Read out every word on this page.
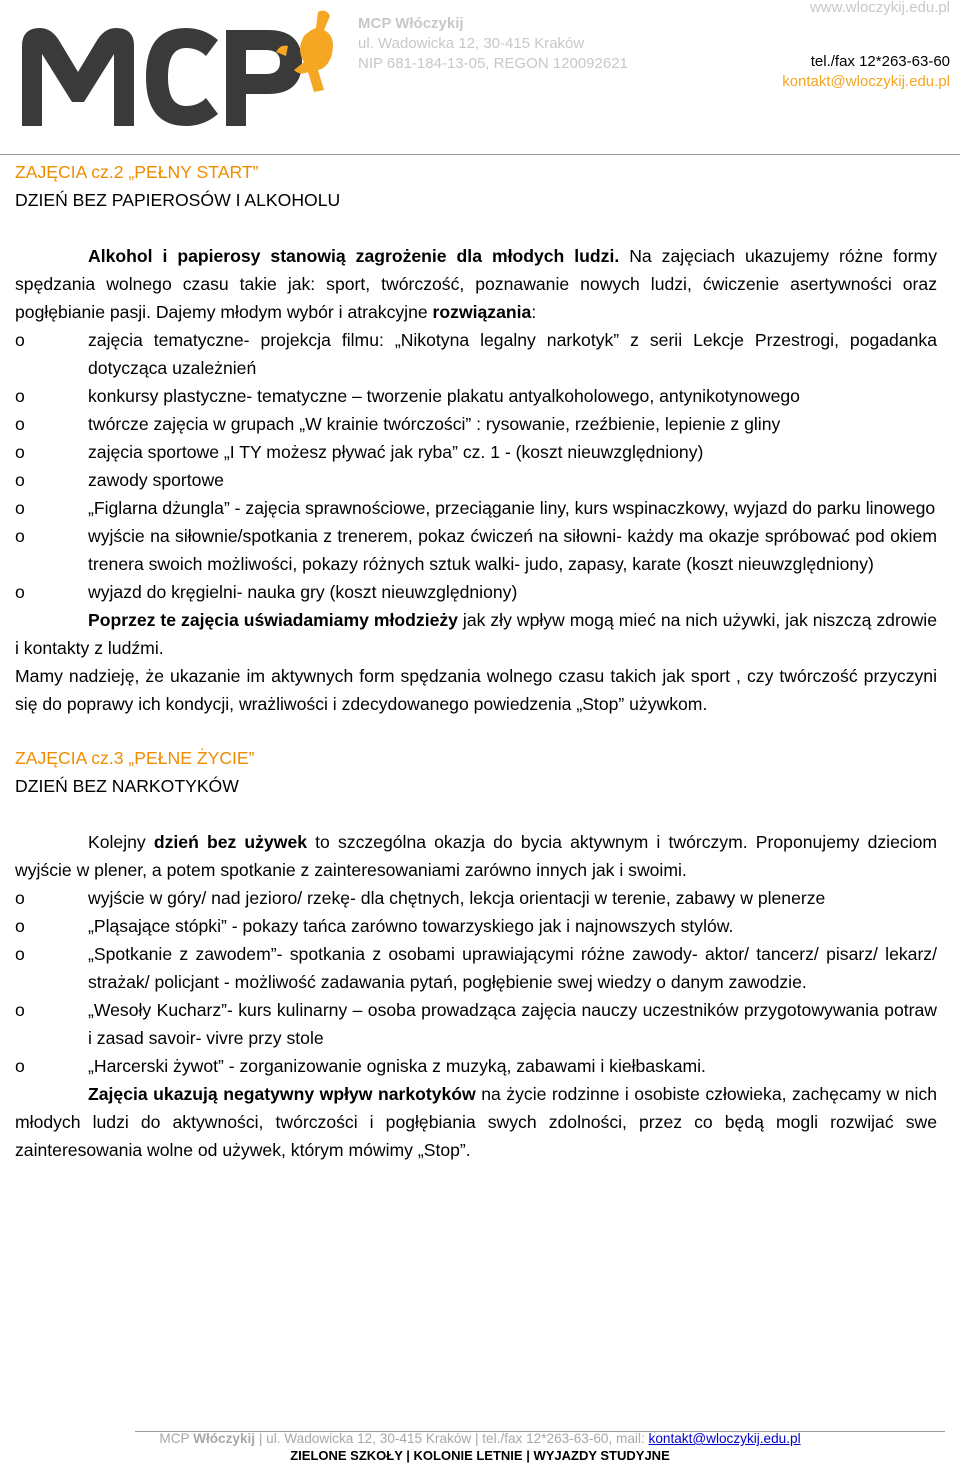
MCP Włóczykij
ul. Wadowicka 12, 30-415 Kraków
NIP 681-184-13-05, REGON 120092621
www.wloczykij.edu.pl
tel./fax 12*263-63-60
kontakt@wloczykij.edu.pl
ZAJĘCIA cz.2 „PEŁNY START”
DZIEŃ BEZ PAPIEROSÓW I ALKOHOLU

Alkohol i papierosy stanowią zagrożenie dla młodych ludzi. Na zajęciach ukazujemy różne formy spędzania wolnego czasu takie jak: sport, twórczość, poznawanie nowych ludzi, ćwiczenie asertywności oraz pogłębianie pasji. Dajemy młodym wybór i atrakcyjne rozwiązania:

o	zajęcia tematyczne- projekcja filmu: „Nikotyna legalny narkotyk” z serii Lekcje Przestrogi, pogadanka dotycząca uzależnień
o	konkursy plastyczne- tematyczne – tworzenie plakatu antyalkoholowego, antynikotynowego
o	twórcze zajęcia w grupach „W krainie twórczości” : rysowanie, rzeźbienie, lepienie z gliny
o	zajęcia sportowe „I TY możesz pływać jak ryba” cz. 1 - (koszt nieuwzględniony)
o	zawody sportowe
o	„Figlarna dżungla” - zajęcia sprawnościowe, przeciąganie liny, kurs wspinaczkowy, wyjazd do parku linowego
o	wyjście na siłownie/spotkania z trenerem, pokaz ćwiczeń na siłowni- każdy ma okazje spróbować pod okiem trenera swoich możliwości, pokazy różnych sztuk walki- judo, zapasy, karate (koszt nieuwzględniony)
o	wyjazd do kręgielni- nauka gry (koszt nieuwzględniony)

Poprzez te zajęcia uświadamiamy młodzieży jak zły wpływ mogą mieć na nich używki, jak niszczą zdrowie i kontakty z ludźmi.

Mamy nadzieję, że ukazanie im aktywnych form spędzania wolnego czasu takich jak sport , czy twórczość przyczyni się do poprawy ich kondycji, wrażliwości i zdecydowanego powiedzenia „Stop” używkom.

ZAJĘCIA cz.3 „PEŁNE ŻYCIE”
DZIEŃ BEZ NARKOTYKÓW

Kolejny dzień bez używek to szczególna okazja do bycia aktywnym i twórczym. Proponujemy dzieciom wyjście w plener, a potem spotkanie z zainteresowaniami zarówno innych jak i swoimi.

o	wyjście w góry/ nad jezioro/ rzekę- dla chętnych, lekcja orientacji w terenie, zabawy w plenerze
o	„Pląsające stópki” - pokazy tańca zarówno towarzyskiego jak i najnowszych stylów.
o	„Spotkanie z zawodem”- spotkania z osobami uprawiającymi różne zawody- aktor/ tancerz/ pisarz/ lekarz/ strażak/ policjant - możliwość zadawania pytań, pogłębienie swej wiedzy o danym zawodzie.
o	„Wesoły Kucharz”- kurs kulinarny – osoba prowadząca zajęcia nauczy uczestników przygotowywania potraw i zasad savoir- vivre przy stole
o	„Harcerski żywot” - zorganizowanie ogniska z muzyką, zabawami i kiełbaskami.

Zajęcia ukazują negatywny wpływ narkotyków na życie rodzinne i osobiste człowieka, zachęcamy w nich młodych ludzi do aktywności, twórczości i pogłębiania swych zdolności, przez co będą mogli rozwijać swe zainteresowania wolne od używek, którym mówimy „Stop”.

MCP Włóczykij | ul. Wadowicka 12, 30-415 Kraków | tel./fax 12*263-63-60, mail: kontakt@wloczykij.edu.pl
ZIELONE SZKOŁY | KOLONIE LETNIE | WYJAZDY STUDYJNE
